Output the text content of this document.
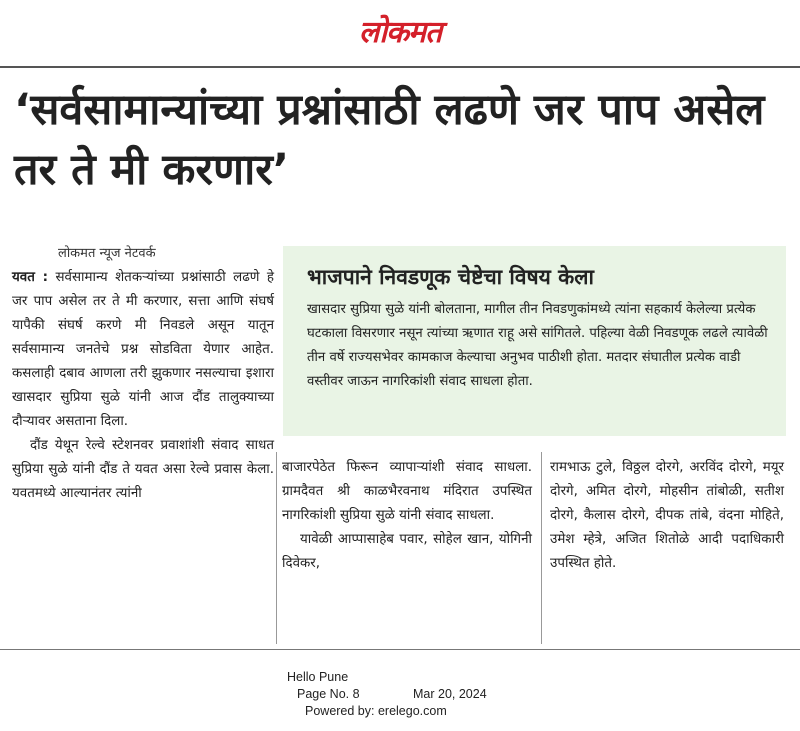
लोकमत
‘सर्वसामान्यांच्या प्रश्नांसाठी लढणे जर पाप असेल तर ते मी करणार’
लोकमत न्यूज नेटवर्क

यवत : सर्वसामान्य शेतकऱ्यांच्या प्रश्नांसाठी लढणे हे जर पाप असेल तर ते मी करणार, सत्ता आणि संघर्ष यापैकी संघर्ष करणे मी निवडले असून यातून सर्वसामान्य जनतेचे प्रश्न सोडविता येणार आहेत. कसलाही दबाव आणला तरी झुकणार नसल्याचा इशारा खासदार सुप्रिया सुळे यांनी आज दौंड तालुक्याच्या दौऱ्यावर असताना दिला.

दौंड येथून रेल्वे स्टेशनवर प्रवाशांशी संवाद साधत सुप्रिया सुळे यांनी दौंड ते यवत असा रेल्वे प्रवास केला. यवतमध्ये आल्यानंतर त्यांनी

भाजपाने निवडणूक चेष्टेचा विषय केला
खासदार सुप्रिया सुळे यांनी बोलताना, मागील तीन निवडणुकांमध्ये त्यांना सहकार्य केलेल्या प्रत्येक घटकाला विसरणार नसून त्यांच्या ऋणात राहू असे सांगितले. पहिल्या वेळी निवडणूक लढले त्यावेळी तीन वर्षे राज्यसभेवर कामकाज केल्याचा अनुभव पाठीशी होता. मतदार संघातील प्रत्येक वाडी वस्तीवर जाऊन नागरिकांशी संवाद साधला होता.

बाजारपेठेत फिरून व्यापाऱ्यांशी संवाद साधला. ग्रामदैवत श्री काळभैरवनाथ मंदिरात उपस्थित नागरिकांशी सुप्रिया सुळे यांनी संवाद साधला.

यावेळी आप्पासाहेब पवार, सोहेल खान, योगिनी दिवेकर,

रामभाऊ टुले, विठ्ठल दोरगे, अरविंद दोरगे, मयूर दोरगे, अमित दोरगे, मोहसीन तांबोळी, सतीश दोरगे, कैलास दोरगे, दीपक तांबे, वंदना मोहिते, उमेश म्हेत्रे, अजित शितोळे आदी पदाधिकारी उपस्थित होते.

Hello Pune
Page No. 8	Mar 20, 2024
Powered by: erelego.com
